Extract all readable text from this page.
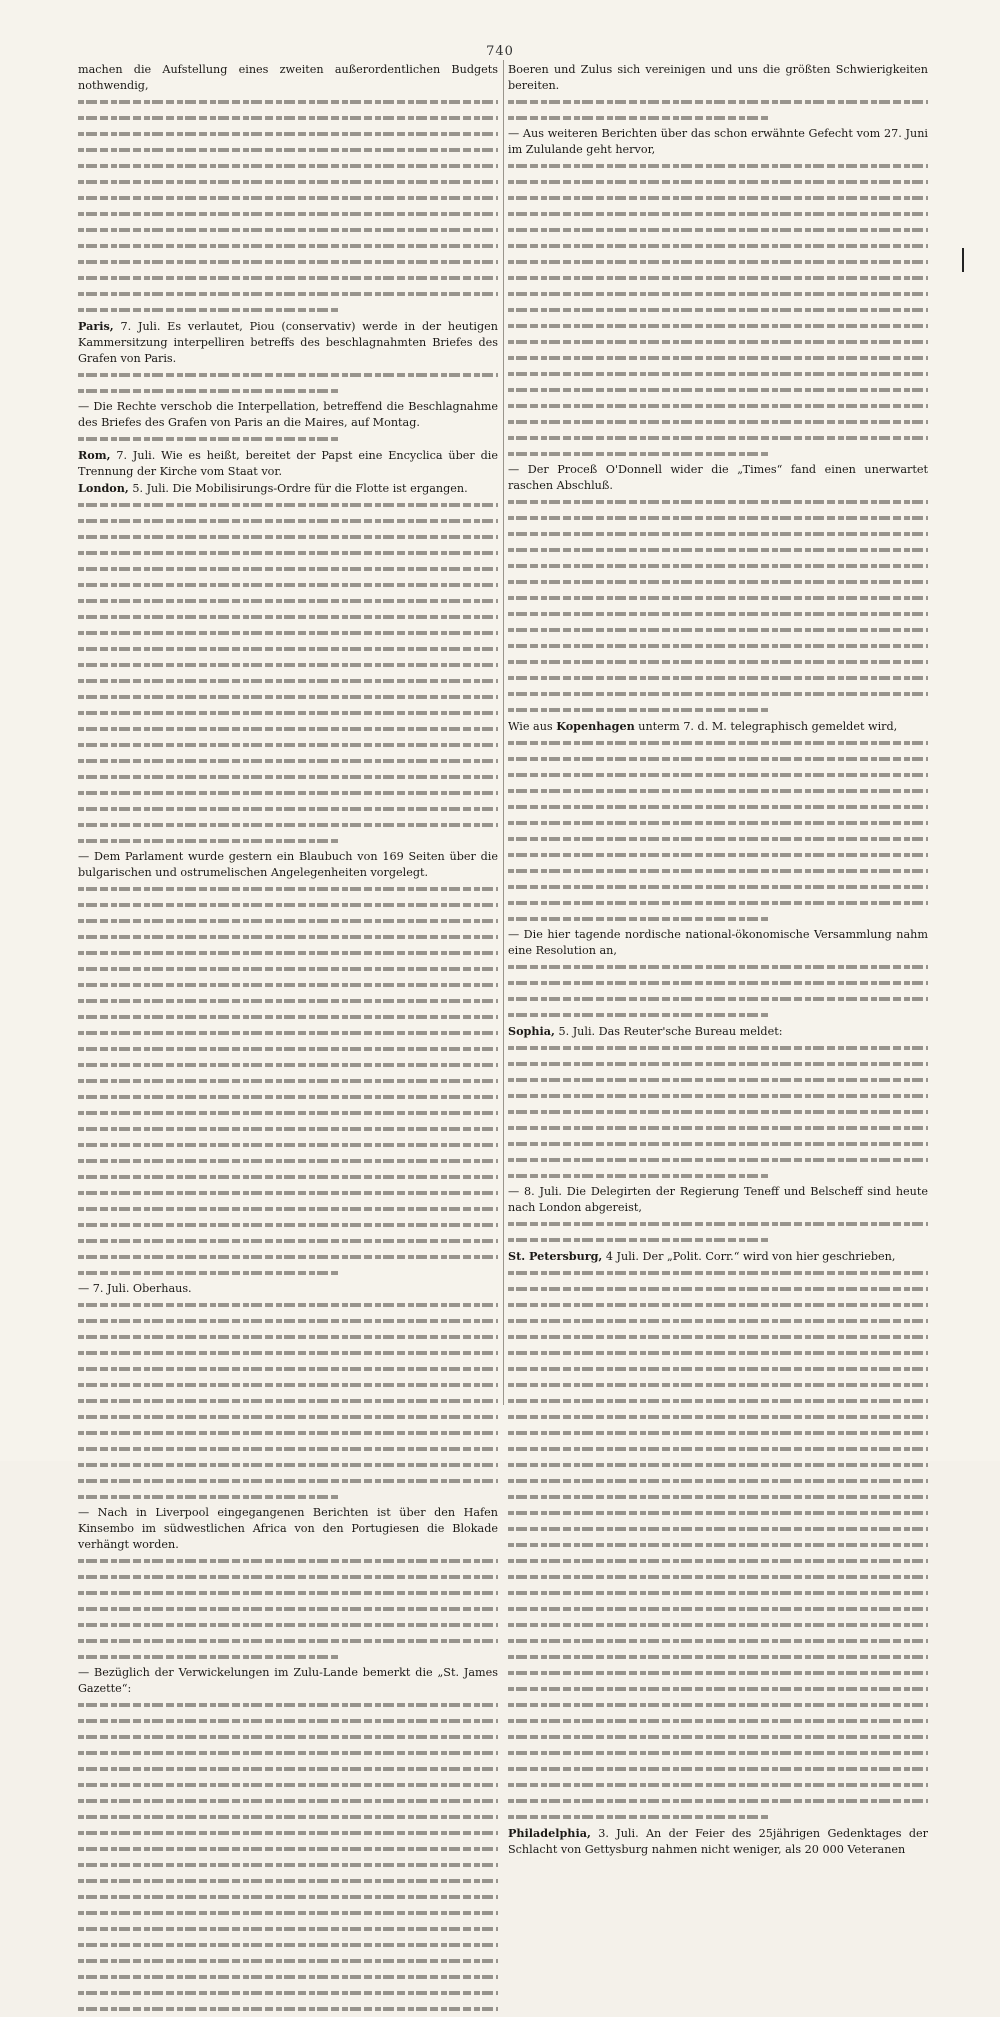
740

machen die Aufstellung eines zweiten außerordentlichen Budgets nothwendig,

Paris, 7. Juli. Es verlautet, Piou (conservativ) werde in der heutigen Kammersitzung interpelliren betreffs des beschlagnahmten Briefes des Grafen von Paris.

— Die Rechte verschob die Interpellation, betreffend die Beschlagnahme des Briefes des Grafen von Paris an die Maires, auf Montag.

Rom, 7. Juli. Wie es heißt, bereitet der Papst eine Encyclica über die Trennung der Kirche vom Staat vor.

London, 5. Juli. Die Mobilisirungs-Ordre für die Flotte ist ergangen.

— Dem Parlament wurde gestern ein Blaubuch von 169 Seiten über die bulgarischen und ostrumelischen Angelegenheiten vorgelegt.

— 7. Juli. Oberhaus.

— Nach in Liverpool eingegangenen Berichten ist über den Hafen Kinsembo im südwestlichen Africa von den Portugiesen die Blokade verhängt worden.

— Bezüglich der Verwickelungen im Zulu-Lande bemerkt die „St. James Gazette“:

Boeren und Zulus sich vereinigen und uns die größten Schwierigkeiten bereiten.

— Aus weiteren Berichten über das schon erwähnte Gefecht vom 27. Juni im Zululande geht hervor,

— Der Proceß O'Donnell wider die „Times“ fand einen unerwartet raschen Abschluß.

Wie aus Kopenhagen unterm 7. d. M. telegraphisch gemeldet wird,

— Die hier tagende nordische national-ökonomische Versammlung nahm eine Resolution an,

Sophia, 5. Juli. Das Reuter'sche Bureau meldet:

— 8. Juli. Die Delegirten der Regierung Teneff und Belscheff sind heute nach London abgereist,

St. Petersburg, 4 Juli. Der „Polit. Corr.“ wird von hier geschrieben,

Philadelphia, 3. Juli. An der Feier des 25jährigen Gedenktages der Schlacht von Gettysburg nahmen nicht weniger, als 20 000 Veteranen
